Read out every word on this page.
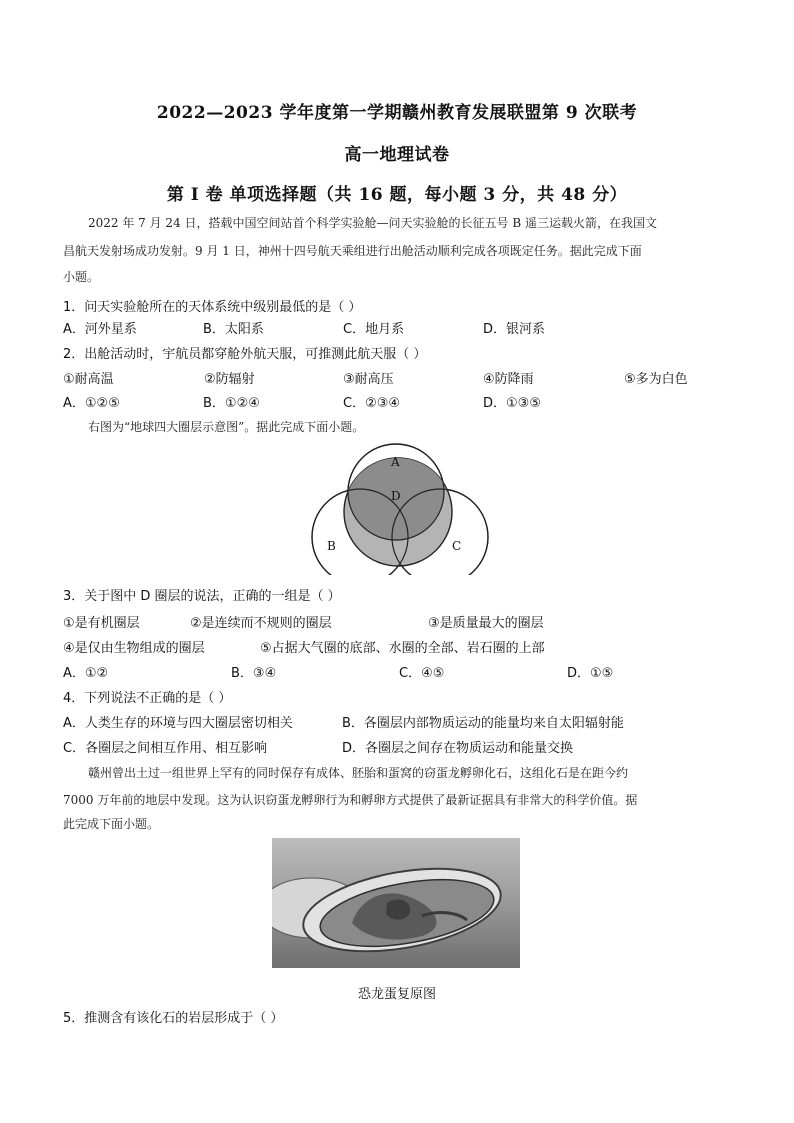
2022—2023 学年度第一学期赣州教育发展联盟第 9 次联考
高一地理试卷
第 I 卷 单项选择题（共 16 题，每小题 3 分，共 48 分）
2022 年 7 月 24 日，搭载中国空间站首个科学实验舱—问天实验舱的长征五号 B 遥三运载火箭，在我国文
昌航天发射场成功发射。9 月 1 日，神州十四号航天乘组进行出舱活动顺利完成各项既定任务。据此完成下面
小题。
1．问天实验舱所在的天体系统中级别最低的是（ ）
A．河外星系	B．太阳系	C．地月系	D．银河系
2．出舱活动时，宇航员都穿舱外航天服，可推测此航天服（ ）
①耐高温	②防辐射	③耐高压	④防降雨	⑤多为白色
A．①②⑤	B．①②④	C．②③④	D．①③⑤
右图为“地球四大圈层示意图”。据此完成下面小题。
A
B	C
D
3．关于图中 D 圈层的说法，正确的一组是（ ）
①是有机圈层	②是连续而不规则的圈层	③是质量最大的圈层
④是仅由生物组成的圈层	⑤占据大气圈的底部、水圈的全部、岩石圈的上部
A．①②	B．③④	C．④⑤	D．①⑤
4．下列说法不正确的是（ ）
A．人类生存的环境与四大圈层密切相关	B．各圈层内部物质运动的能量均来自太阳辐射能
C．各圈层之间相互作用、相互影响	D．各圈层之间存在物质运动和能量交换
赣州曾出土过一组世界上罕有的同时保存有成体、胚胎和蛋窝的窃蛋龙孵卵化石，这组化石是在距今约
7000 万年前的地层中发现。这为认识窃蛋龙孵卵行为和孵卵方式提供了最新证据具有非常大的科学价值。据
此完成下面小题。
恐龙蛋复原图
5．推测含有该化石的岩层形成于（ ）
